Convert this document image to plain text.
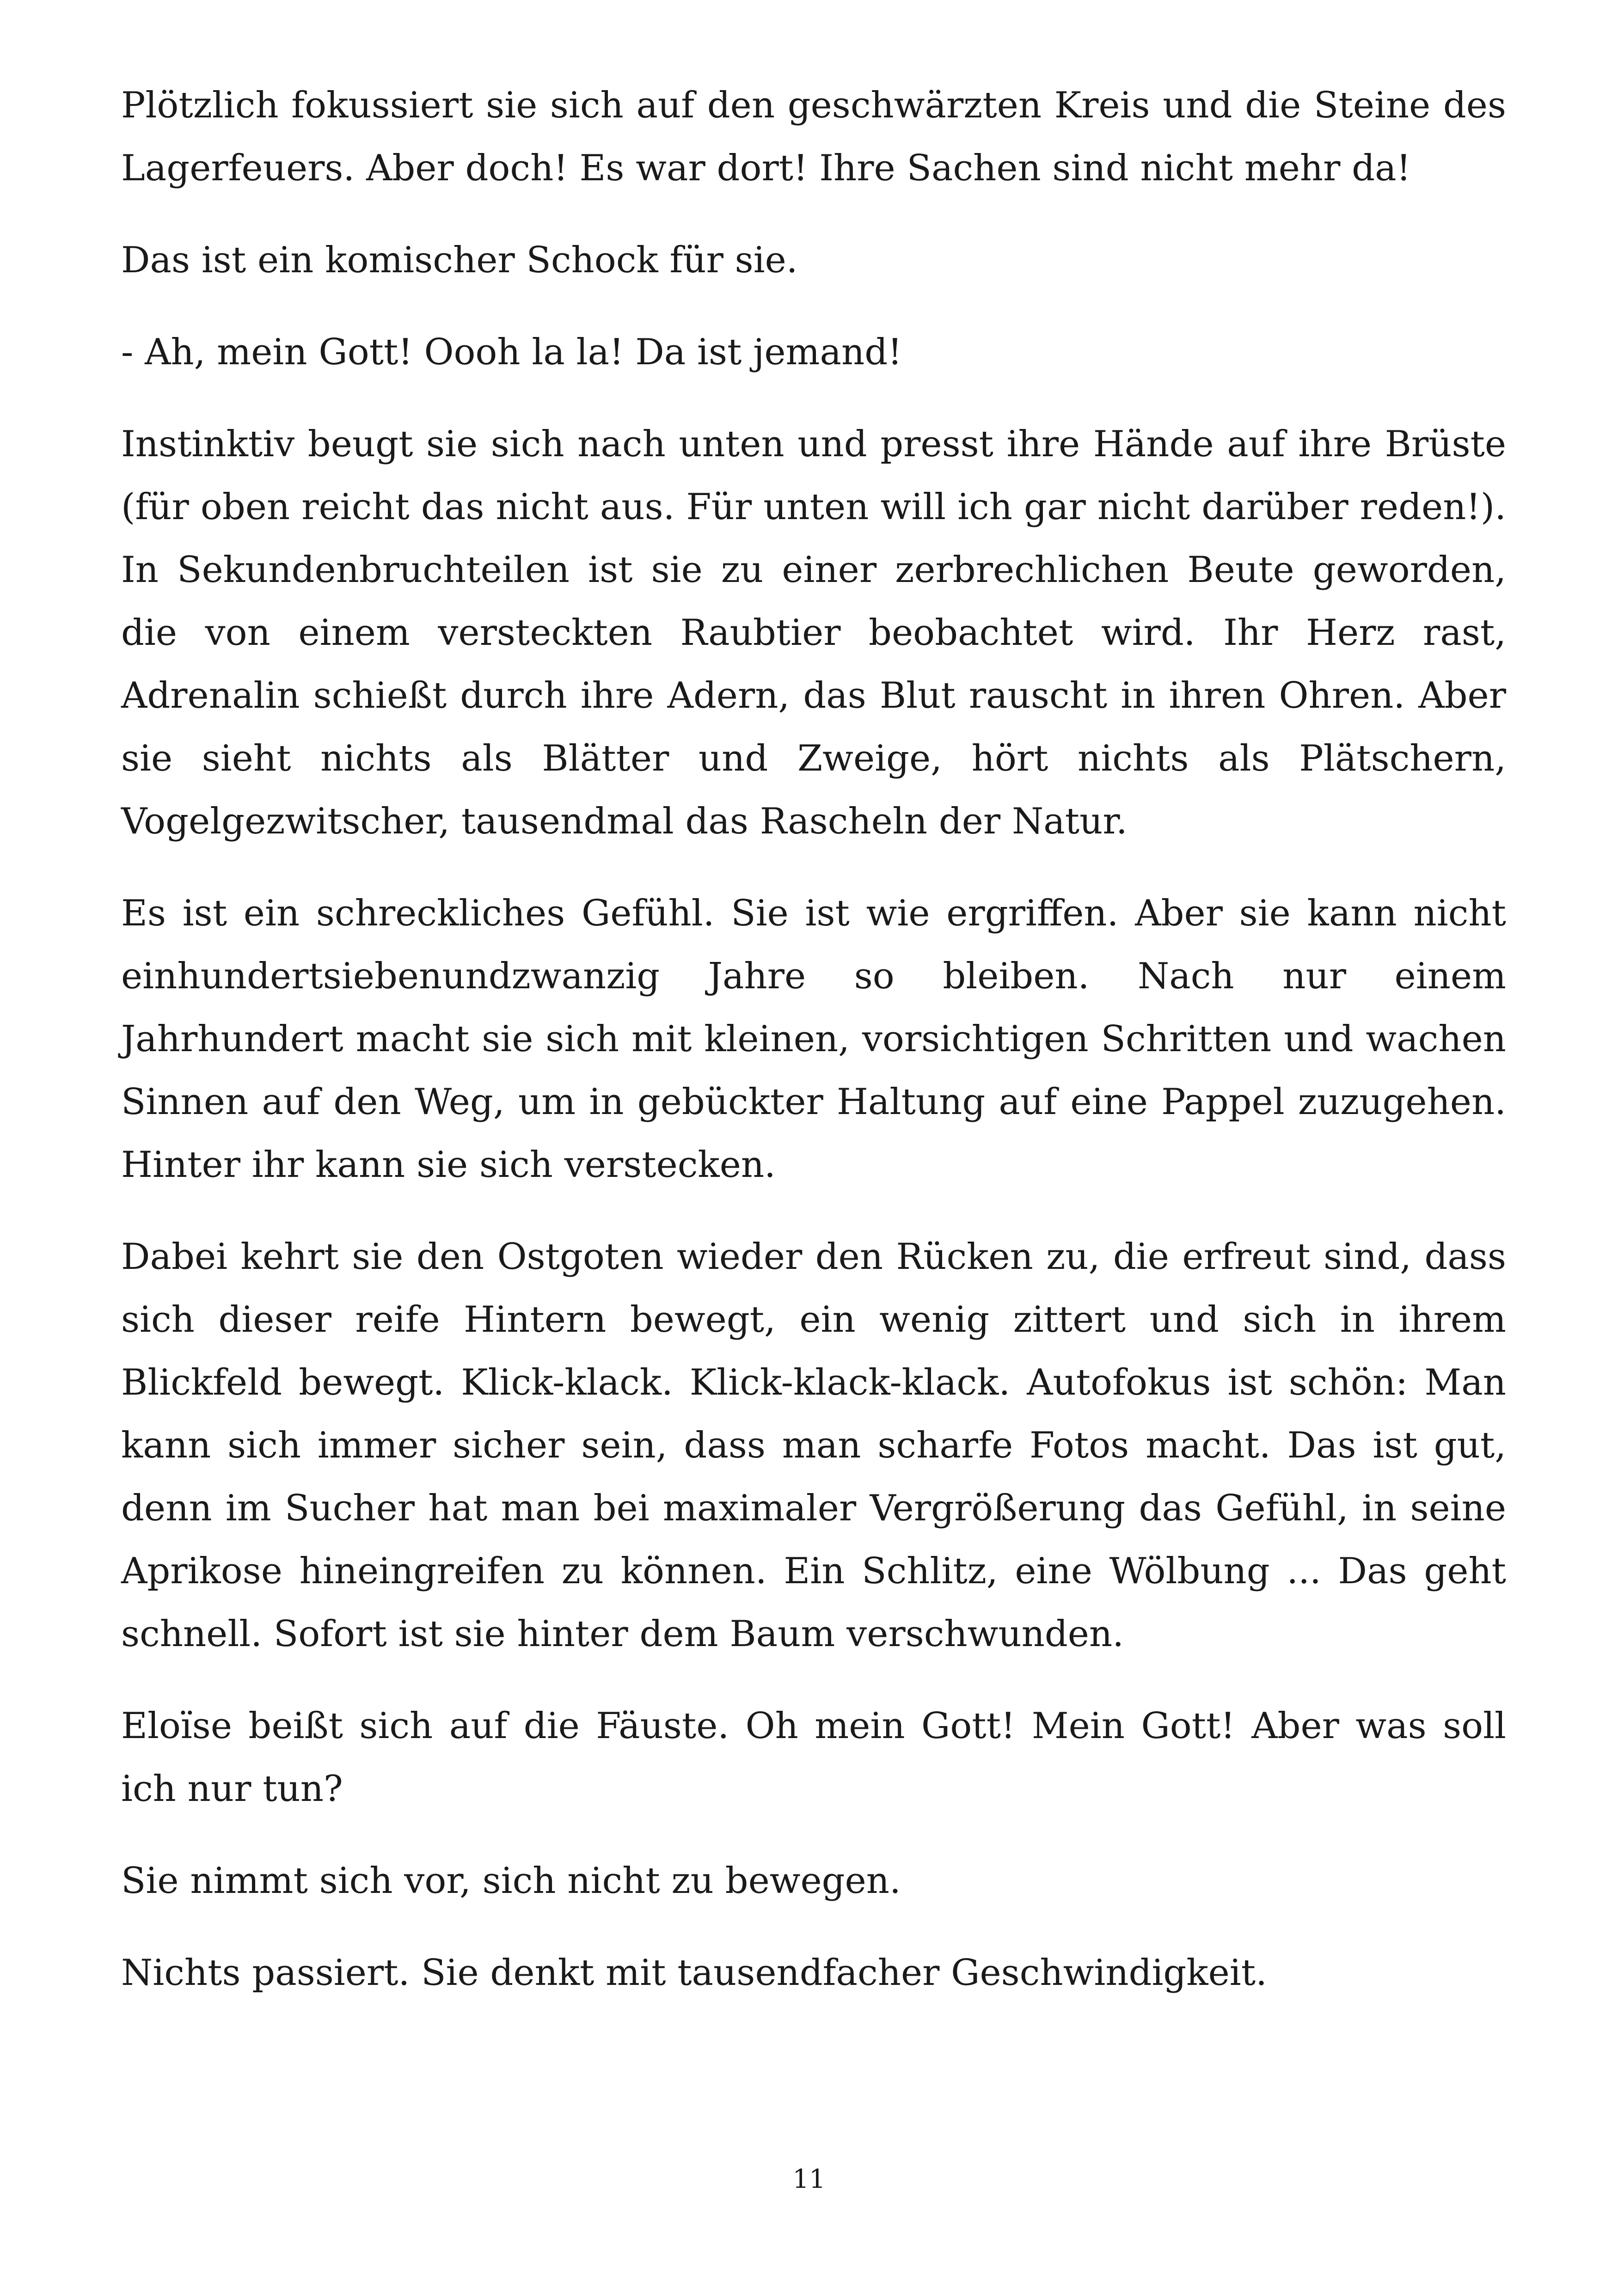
Plötzlich fokussiert sie sich auf den geschwärzten Kreis und die Steine des Lagerfeuers. Aber doch! Es war dort! Ihre Sachen sind nicht mehr da!

Das ist ein komischer Schock für sie.

- Ah, mein Gott! Oooh la la! Da ist jemand!

Instinktiv beugt sie sich nach unten und presst ihre Hände auf ihre Brüste (für oben reicht das nicht aus. Für unten will ich gar nicht darüber reden!). In Sekundenbruchteilen ist sie zu einer zerbrechlichen Beute geworden, die von einem versteckten Raubtier beobachtet wird. Ihr Herz rast, Adrenalin schießt durch ihre Adern, das Blut rauscht in ihren Ohren. Aber sie sieht nichts als Blätter und Zweige, hört nichts als Plätschern, Vogelgezwitscher, tausendmal das Rascheln der Natur.

Es ist ein schreckliches Gefühl. Sie ist wie ergriffen. Aber sie kann nicht einhundertsiebenundzwanzig Jahre so bleiben. Nach nur einem Jahrhundert macht sie sich mit kleinen, vorsichtigen Schritten und wachen Sinnen auf den Weg, um in gebückter Haltung auf eine Pappel zuzugehen. Hinter ihr kann sie sich verstecken.

Dabei kehrt sie den Ostgoten wieder den Rücken zu, die erfreut sind, dass sich dieser reife Hintern bewegt, ein wenig zittert und sich in ihrem Blickfeld bewegt. Klick-klack. Klick-klack-klack. Autofokus ist schön: Man kann sich immer sicher sein, dass man scharfe Fotos macht. Das ist gut, denn im Sucher hat man bei maximaler Vergrößerung das Gefühl, in seine Aprikose hineingreifen zu können. Ein Schlitz, eine Wölbung ... Das geht schnell. Sofort ist sie hinter dem Baum verschwunden.

Eloïse beißt sich auf die Fäuste. Oh mein Gott! Mein Gott! Aber was soll ich nur tun?

Sie nimmt sich vor, sich nicht zu bewegen.

Nichts passiert. Sie denkt mit tausendfacher Geschwindigkeit.

11
